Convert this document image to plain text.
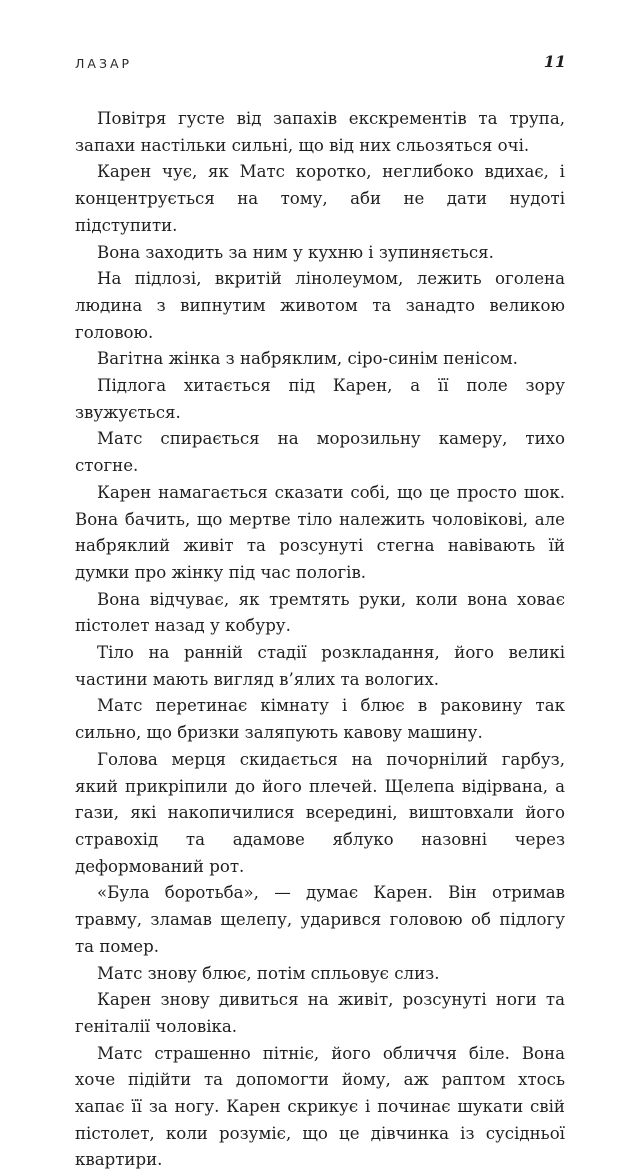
ЛАЗАР	11

Повітря густе від запахів екскрементів та трупа, запахи настільки сильні, що від них сльозяться очі.

Карен чує, як Матс коротко, неглибоко вдихає, і концентрується на тому, аби не дати нудоті підступити.

Вона заходить за ним у кухню і зупиняється.

На підлозі, вкритій лінолеумом, лежить оголена людина з випнутим животом та занадто великою головою.

Вагітна жінка з набряклим, сіро-синім пенісом.

Підлога хитається під Карен, а її поле зору звужується.

Матс спирається на морозильну камеру, тихо стогне.

Карен намагається сказати собі, що це просто шок. Вона бачить, що мертве тіло належить чоловікові, але набряклий живіт та розсунуті стегна навівають їй думки про жінку під час пологів.

Вона відчуває, як тремтять руки, коли вона ховає пістолет назад у кобуру.

Тіло на ранній стадії розкладання, його великі частини мають вигляд в’ялих та вологих.

Матс перетинає кімнату і блює в раковину так сильно, що бризки заляпують кавову машину.

Голова мерця скидається на почорнілий гарбуз, який прикріпили до його плечей. Щелепа відірвана, а гази, які накопичилися всередині, виштовхали його стравохід та адамове яблуко назовні через деформований рот.

«Була боротьба», — думає Карен. Він отримав травму, зламав щелепу, ударився головою об підлогу та помер.

Матс знову блює, потім спльовує слиз.

Карен знову дивиться на живіт, розсунуті ноги та геніталії чоловіка.

Матс страшенно пітніє, його обличчя біле. Вона хоче підійти та допомогти йому, аж раптом хтось хапає її за ногу. Карен скрикує і починає шукати свій пістолет, коли розуміє, що це дівчинка із сусідньої квартири.
